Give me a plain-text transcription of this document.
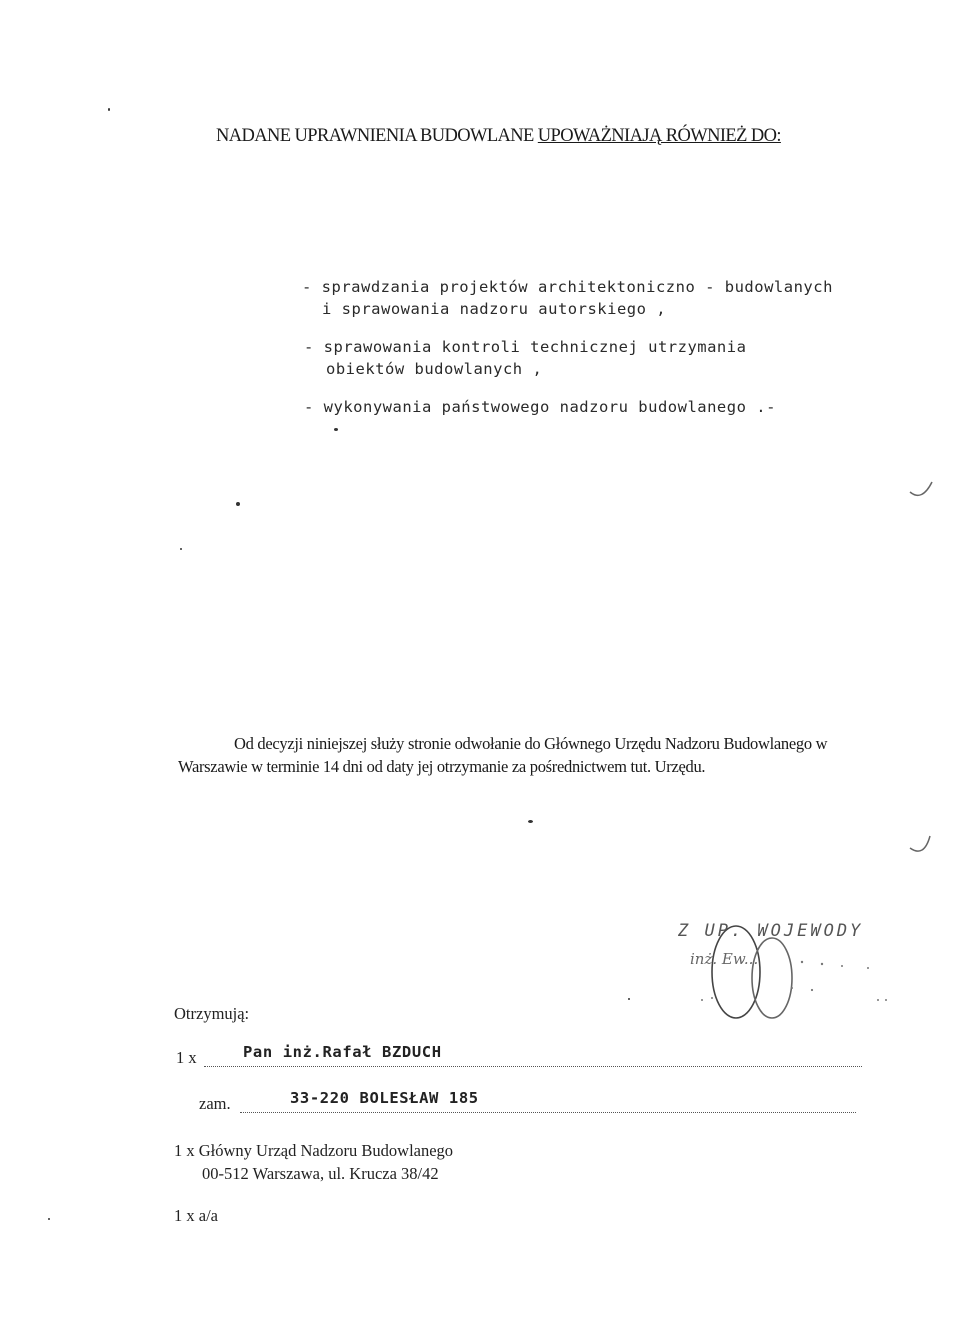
NADANE UPRAWNIENIA BUDOWLANE UPOWAŻNIAJĄ RÓWNIEŻ DO:
- sprawdzania projektów architektoniczno - budowlanych
i sprawowania nadzoru autorskiego ,
- sprawowania kontroli technicznej utrzymania
obiektów budowlanych ,
- wykonywania państwowego nadzoru budowlanego .-
Od decyzji niniejszej służy stronie odwołanie do Głównego Urzędu Nadzoru Budowlanego w Warszawie w terminie 14 dni od daty jej otrzymanie za pośrednictwem tut. Urzędu.
Z UP. WOJEWODY
inż. Ew...
Otrzymują:
1 x	Pan inż.Rafał BZDUCH
zam.	33-220 BOLESŁAW 185
1 x Główny Urząd Nadzoru Budowlanego
00-512 Warszawa, ul. Krucza 38/42
1 x a/a
